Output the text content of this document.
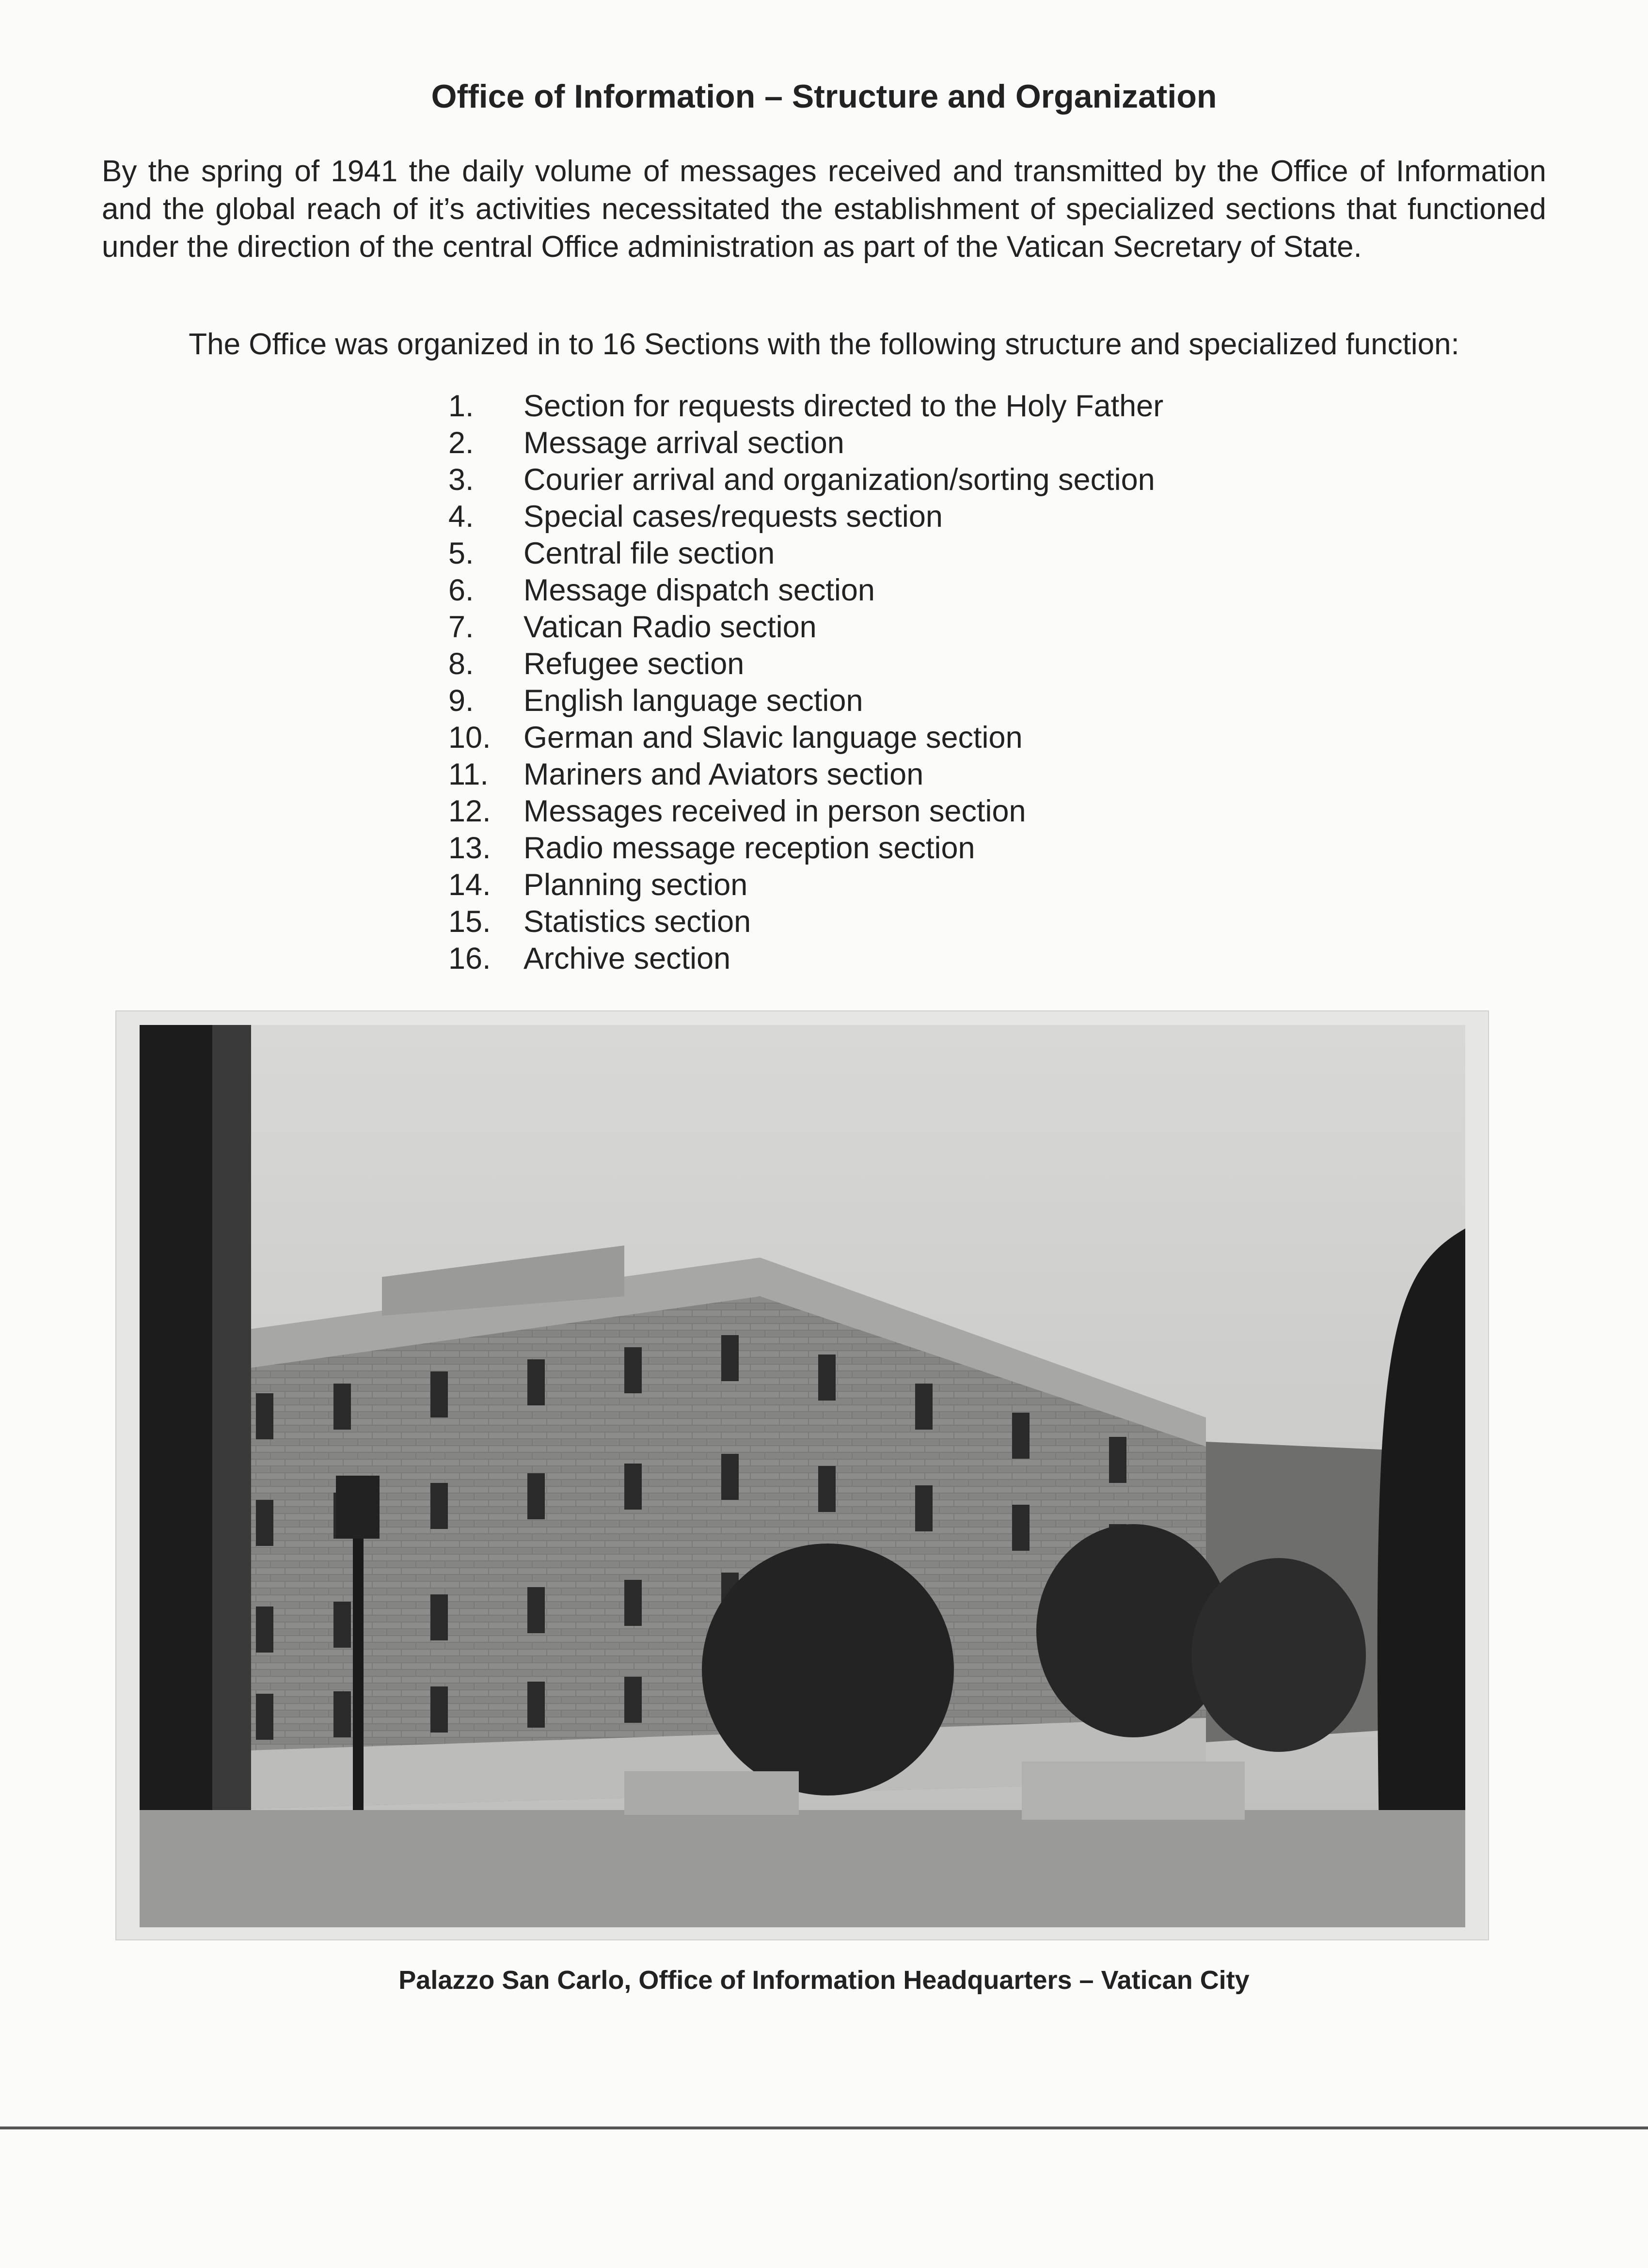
Office of Information – Structure and Organization
By the spring of 1941 the daily volume of messages received and transmitted by the Office of Information and the global reach of it’s activities necessitated the establishment of specialized sections that functioned under the direction of the central Office administration as part of the Vatican Secretary of State.
The Office was organized in to 16 Sections with the following structure and specialized function:
1.	Section for requests directed to the Holy Father
2.	Message arrival section
3.	Courier arrival and organization/sorting section
4.	Special cases/requests section
5.	Central file section
6.	Message dispatch section
7.	Vatican Radio section
8.	Refugee section
9.	English language section
10.	German and Slavic language section
11.	Mariners and Aviators section
12.	Messages received in person section
13.	Radio message reception section
14.	Planning section
15.	Statistics section
16.	Archive section
Palazzo San Carlo, Office of Information Headquarters – Vatican City
